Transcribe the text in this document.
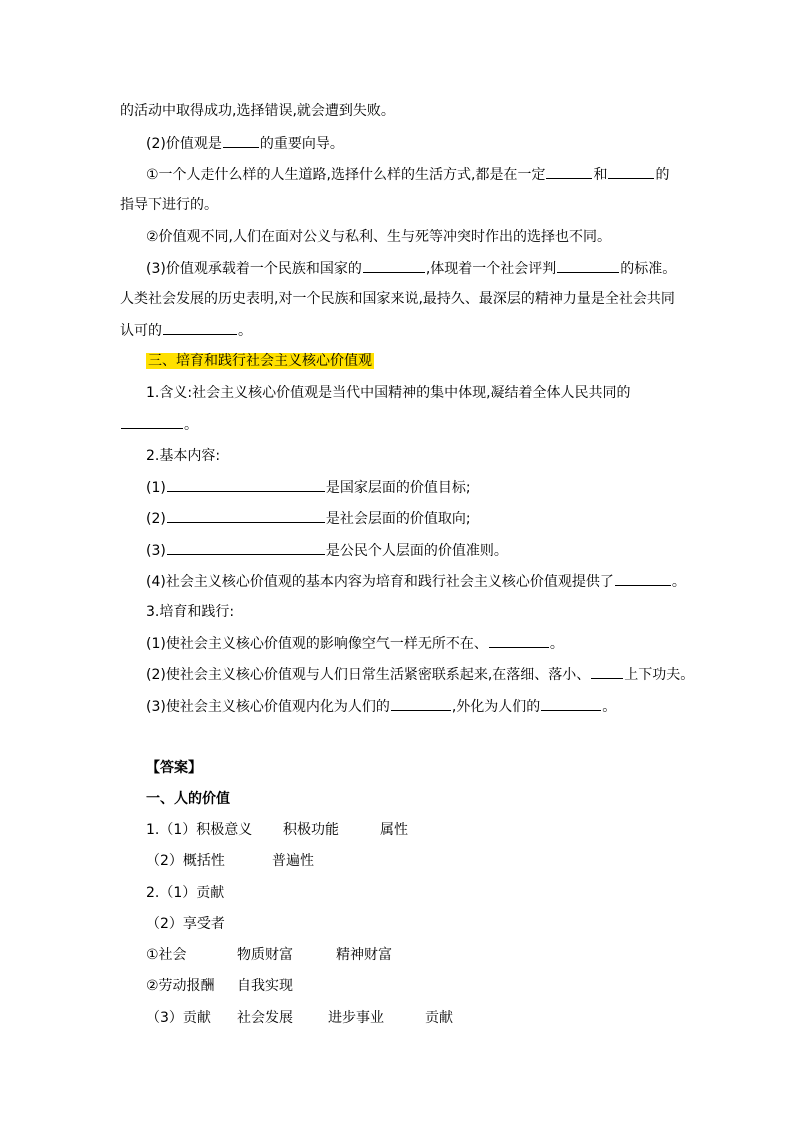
的活动中取得成功,选择错误,就会遭到失败。
(2)价值观是	的重要向导。
①一个人走什么样的人生道路,选择什么样的生活方式,都是在一定	和	的
指导下进行的。
②价值观不同,人们在面对公义与私利、生与死等冲突时作出的选择也不同。
(3)价值观承载着一个民族和国家的	,体现着一个社会评判	的标准。
人类社会发展的历史表明,对一个民族和国家来说,最持久、最深层的精神力量是全社会共同
认可的	。
三、培育和践行社会主义核心价值观
1.含义:社会主义核心价值观是当代中国精神的集中体现,凝结着全体人民共同的
。
2.基本内容:
(1)	是国家层面的价值目标;
(2)	是社会层面的价值取向;
(3)	是公民个人层面的价值准则。
(4)社会主义核心价值观的基本内容为培育和践行社会主义核心价值观提供了	。
3.培育和践行:
(1)使社会主义核心价值观的影响像空气一样无所不在、	。
(2)使社会主义核心价值观与人们日常生活紧密联系起来,在落细、落小、 上下功夫。
(3)使社会主义核心价值观内化为人们的	,外化为人们的	。
【答案】
一、人的价值
1.（1）积极意义 积极功能	属性
（2）概括性	普遍性
2.（1）贡献
（2）享受者
①社会	物质财富	精神财富
②劳动报酬 自我实现
（3）贡献 社会发展	进步事业	贡献
